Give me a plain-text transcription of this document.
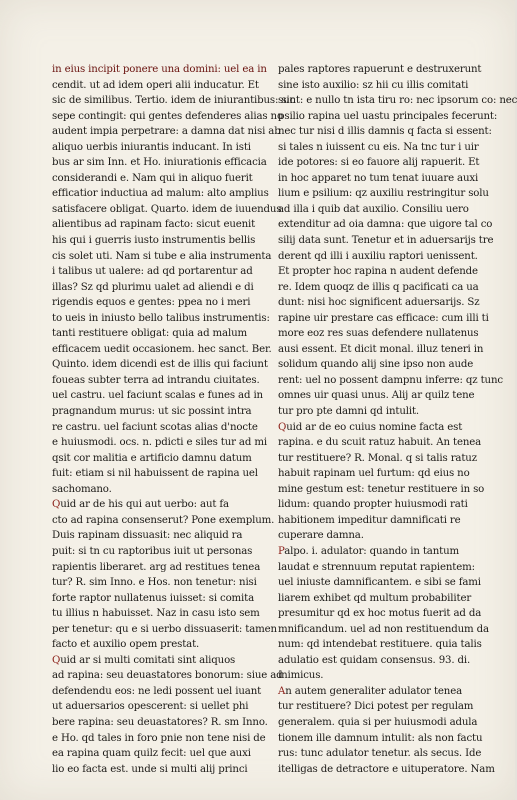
in eius incipit ponere una domini: uel ea in
cendit. ut ad idem operi alii inducatur. Et
sic de similibus. Tertio. idem de iniurantibus: sic
sepe contingit: qui gentes defenderes alias no
audent impia perpetrare: a damna dat nisi ab
aliquo uerbis iniurantis inducant. In isti
bus ar sim Inn. et Ho. iniurationis efficacia
considerandi e. Nam qui in aliquo fuerit
efficatior inductiua ad malum: alto amplius
satisfacere obligat. Quarto. idem de iuuendus
alientibus ad rapinam facto: sicut euenit
his qui i guerris iusto instrumentis bellis
cis solet uti. Nam si tube e alia instrumenta
i talibus ut ualere: ad qd portarentur ad
illas? Sz qd plurimu ualet ad aliendi e di
rigendis equos e gentes: ppea no i meri
to ueis in iniusto bello talibus instrumentis:
tanti restituere obligat: quia ad malum
efficacem uedit occasionem. hec sanct. Ber.
Quinto. idem dicendi est de illis qui faciunt
foueas subter terra ad intrandu ciuitates.
uel castru. uel faciunt scalas e funes ad in
pragnandum murus: ut sic possint intra
re castru. uel faciunt scotas alias d'nocte
e huiusmodi. ocs. n. pdicti e siles tur ad mi
qsit cor malitia e artificio damnu datum
fuit: etiam si nil habuissent de rapina uel
sachomano.
Quid ar de his qui aut uerbo: aut fa
cto ad rapina consenserut? Pone exemplum.
Duis rapinam dissuasit: nec aliquid ra
puit: si tn cu raptoribus iuit ut personas
rapientis liberaret. arg ad restitues tenea
tur? R. sim Inno. e Hos. non tenetur: nisi
forte raptor nullatenus iuisset: si comita
tu illius n habuisset. Naz in casu isto sem
per tenetur: qu e si uerbo dissuaserit: tamen
facto et auxilio opem prestat.
Quid ar si multi comitati sint aliquos
ad rapina: seu deuastatores bonorum: siue ad
defendendu eos: ne ledi possent uel iuant
ut aduersarios opescerent: si uellet phi
bere rapina: seu deuastatores? R. sm Inno.
e Ho. qd tales in foro pnie non tene nisi de
ea rapina quam quilz fecit: uel que auxi
lio eo facta est. unde si multi alij princi
pales raptores rapuerunt e destruxerunt
sine isto auxilio: sz hii cu illis comitati
sunt: e nullo tn ista tiru ro: nec ipsorum co: nec
psilio rapina uel uastu principales fecerunt:
nec tur nisi d illis damnis q facta si essent:
si tales n iuissent cu eis. Na tnc tur i uir
ide potores: si eo fauore alij rapuerit. Et
in hoc apparet no tum tenat iuuare auxi
lium e psilium: qz auxiliu restringitur solu
ad illa i quib dat auxilio. Consiliu uero
extenditur ad oia damna: que uigore tal co
silij data sunt. Tenetur et in aduersarijs tre
derent qd illi i auxiliu raptori uenissent.
Et propter hoc rapina n audent defende
re. Idem quoqz de illis q pacificati ca ua
dunt: nisi hoc significent aduersarijs. Sz
rapine uir prestare cas efficace: cum illi ti
more eoz res suas defendere nullatenus
ausi essent. Et dicit monal. illuz teneri in
solidum quando alij sine ipso non aude
rent: uel no possent dampnu inferre: qz tunc
omnes uir quasi unus. Alij ar quilz tene
tur pro pte damni qd intulit.
Quid ar de eo cuius nomine facta est
rapina. e du scuit ratuz habuit. An tenea
tur restituere? R. Monal. q si talis ratuz
habuit rapinam uel furtum: qd eius no
mine gestum est: tenetur restituere in so
lidum: quando propter huiusmodi rati
habitionem impeditur damnificati re
cuperare damna.
Palpo. i. adulator: quando in tantum
laudat e strennuum reputat rapientem:
uel iniuste damnificantem. e sibi se fami
liarem exhibet qd multum probabiliter
presumitur qd ex hoc motus fuerit ad da
mnificandum. uel ad non restituendum da
num: qd intendebat restituere. quia talis
adulatio est quidam consensus. 93. di.
inimicus.
An autem generaliter adulator tenea
tur restituere? Dici potest per regulam
generalem. quia si per huiusmodi adula
tionem ille damnum intulit: als non factu
rus: tunc adulator tenetur. als secus. Ide
itelligas de detractore e uituperatore. Nam
